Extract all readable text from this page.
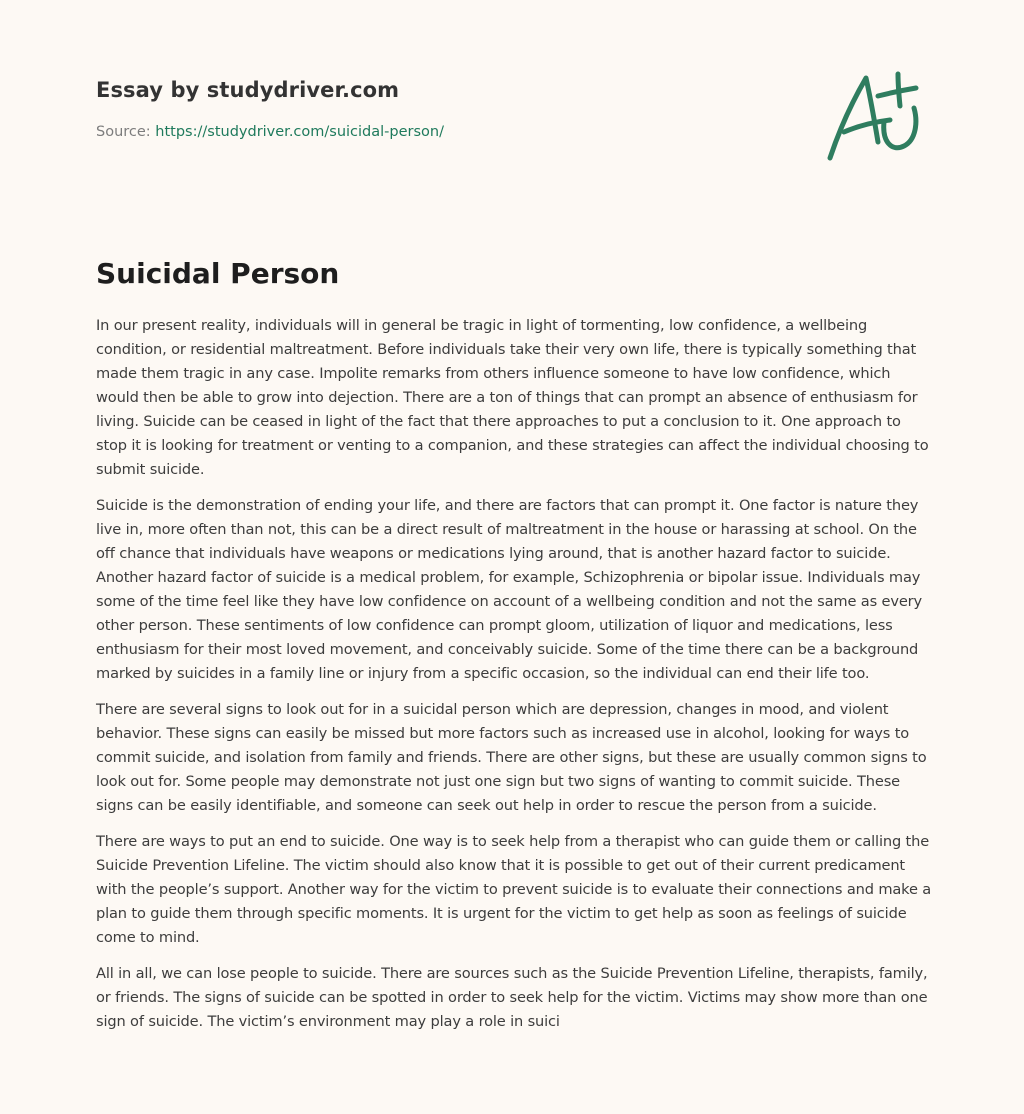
Essay by studydriver.com
Source: https://studydriver.com/suicidal-person/
Suicidal Person

In our present reality, individuals will in general be tragic in light of tormenting, low confidence, a wellbeing condition, or residential maltreatment. Before individuals take their very own life, there is typically something that made them tragic in any case. Impolite remarks from others influence someone to have low confidence, which would then be able to grow into dejection. There are a ton of things that can prompt an absence of enthusiasm for living. Suicide can be ceased in light of the fact that there approaches to put a conclusion to it. One approach to stop it is looking for treatment or venting to a companion, and these strategies can affect the individual choosing to submit suicide.

Suicide is the demonstration of ending your life, and there are factors that can prompt it. One factor is nature they live in, more often than not, this can be a direct result of maltreatment in the house or harassing at school. On the off chance that individuals have weapons or medications lying around, that is another hazard factor to suicide. Another hazard factor of suicide is a medical problem, for example, Schizophrenia or bipolar issue. Individuals may some of the time feel like they have low confidence on account of a wellbeing condition and not the same as every other person. These sentiments of low confidence can prompt gloom, utilization of liquor and medications, less enthusiasm for their most loved movement, and conceivably suicide. Some of the time there can be a background marked by suicides in a family line or injury from a specific occasion, so the individual can end their life too.

There are several signs to look out for in a suicidal person which are depression, changes in mood, and violent behavior. These signs can easily be missed but more factors such as increased use in alcohol, looking for ways to commit suicide, and isolation from family and friends. There are other signs, but these are usually common signs to look out for. Some people may demonstrate not just one sign but two signs of wanting to commit suicide. These signs can be easily identifiable, and someone can seek out help in order to rescue the person from a suicide.

There are ways to put an end to suicide. One way is to seek help from a therapist who can guide them or calling the Suicide Prevention Lifeline. The victim should also know that it is possible to get out of their current predicament with the people’s support. Another way for the victim to prevent suicide is to evaluate their connections and make a plan to guide them through specific moments. It is urgent for the victim to get help as soon as feelings of suicide come to mind.

All in all, we can lose people to suicide. There are sources such as the Suicide Prevention Lifeline, therapists, family, or friends. The signs of suicide can be spotted in order to seek help for the victim. Victims may show more than one sign of suicide. The victim’s environment may play a role in suici
